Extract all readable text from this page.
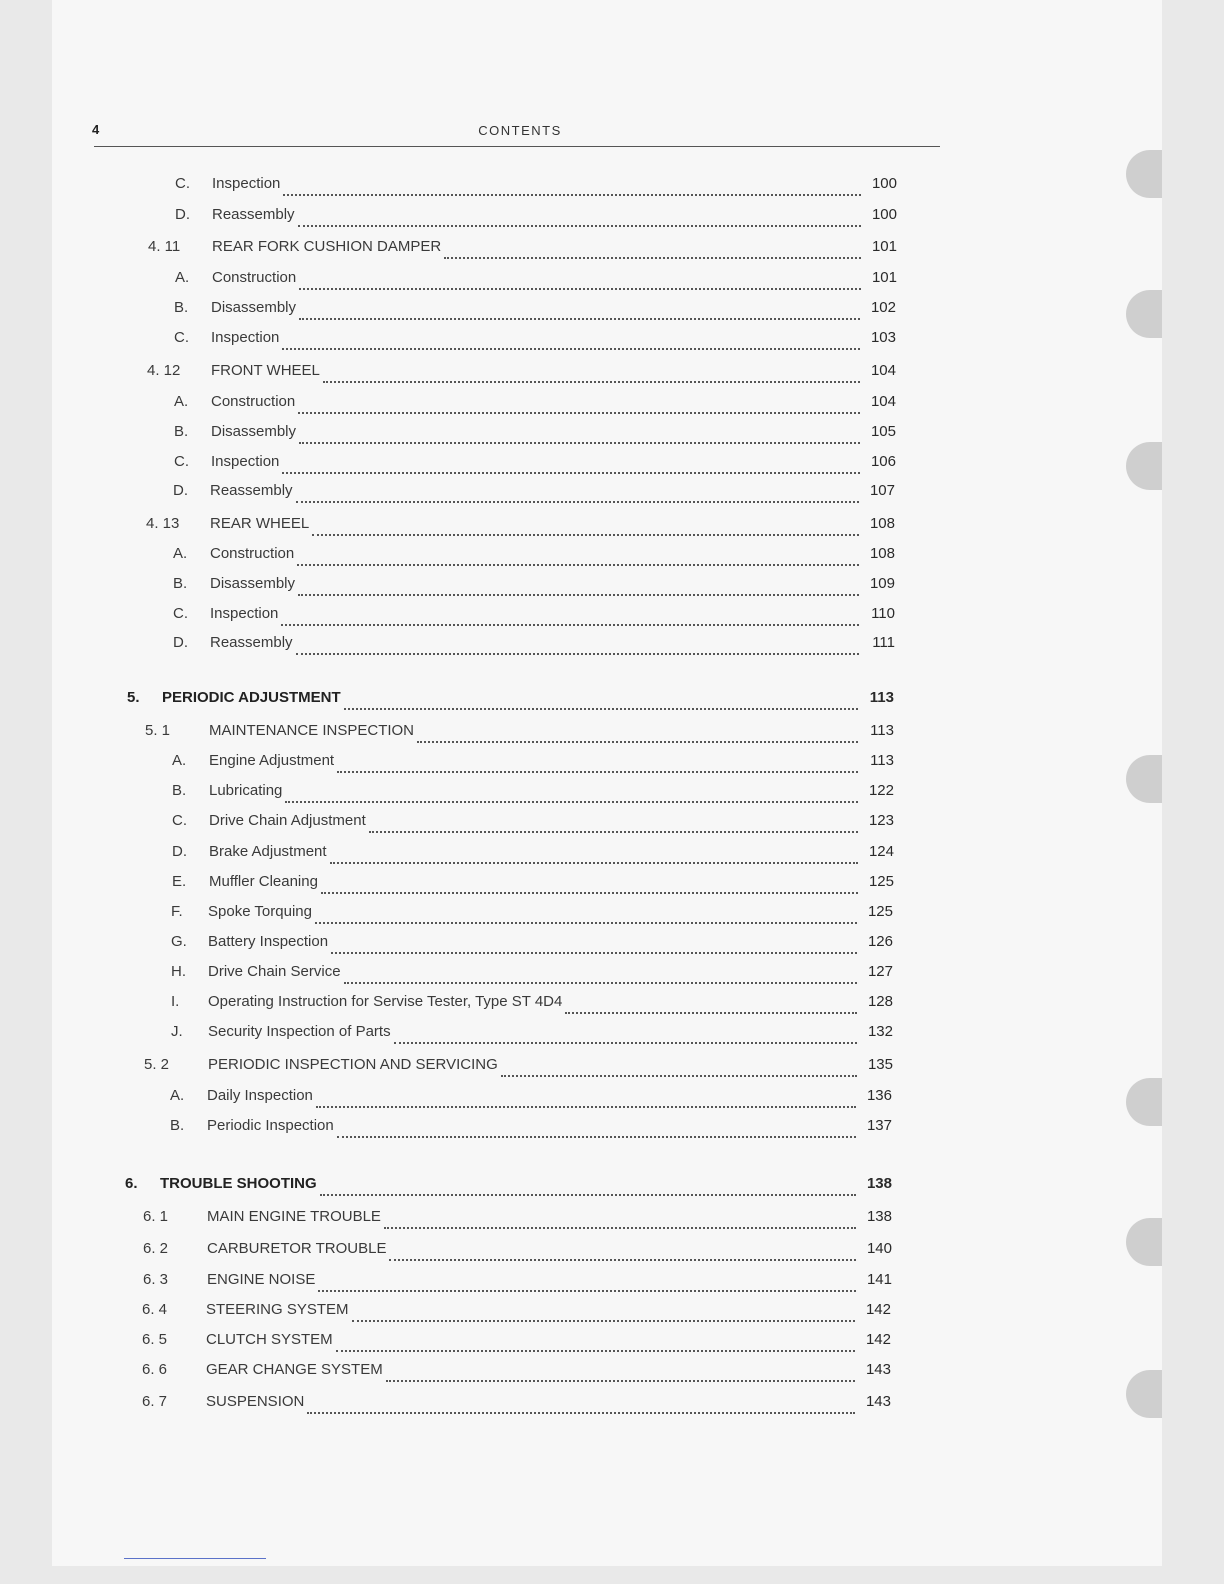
4	CONTENTS
C. Inspection	100
D. Reassembly	100
4. 11 REAR FORK CUSHION DAMPER	101
A. Construction	101
B. Disassembly	102
C. Inspection	103
4. 12 FRONT WHEEL	104
A. Construction	104
B. Disassembly	105
C. Inspection	106
D. Reassembly	107
4. 13 REAR WHEEL	108
A. Construction	108
B. Disassembly	109
C. Inspection	110
D. Reassembly	111
5. PERIODIC ADJUSTMENT	113
5. 1	MAINTENANCE INSPECTION	113
A. Engine Adjustment	113
B. Lubricating	122
C. Drive Chain Adjustment	123
D. Brake Adjustment	124
E. Muffler Cleaning	125
F. Spoke Torquing	125
G. Battery Inspection	126
H. Drive Chain Service	127
I. Operating Instruction for Servise Tester, Type ST 4D4	128
J. Security Inspection of Parts	132
5. 2	PERIODIC INSPECTION AND SERVICING	135
A. Daily Inspection	136
B. Periodic Inspection	137
6. TROUBLE SHOOTING	138
6. 1	MAIN ENGINE TROUBLE	138
6. 2	CARBURETOR TROUBLE	140
6. 3	ENGINE NOISE	141
6. 4	STEERING SYSTEM	142
6. 5	CLUTCH SYSTEM	142
6. 6	GEAR CHANGE SYSTEM	143
6. 7	SUSPENSION	143
